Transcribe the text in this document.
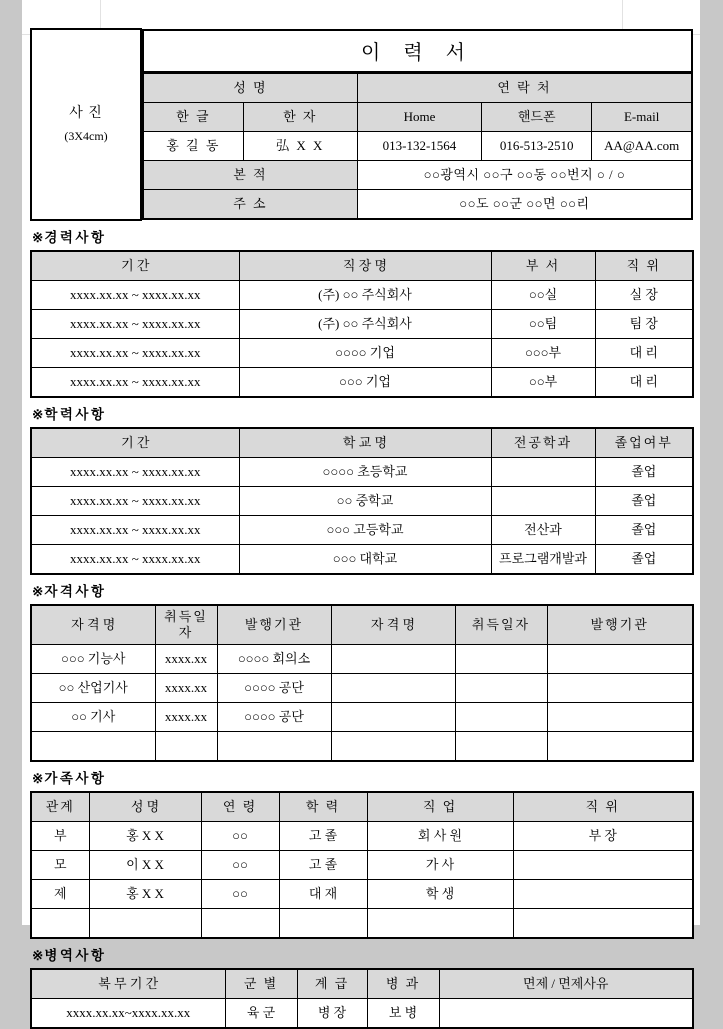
사 진
(3X4cm)

이 력 서
성 명	연 락 처
한 글	한 자	Home	핸드폰	E-mail
홍 길 동	弘 X X	013-132-1564	016-513-2510	AA@AA.com
본 적	○○광역시 ○○구 ○○동 ○○번지 ○ / ○
주 소	○○도 ○○군 ○○면 ○○리
※경력사항
기 간	직 장 명	부 서	직 위
xxxx.xx.xx ~ xxxx.xx.xx	(주) ○○ 주식회사	○○실	실 장
xxxx.xx.xx ~ xxxx.xx.xx	(주) ○○ 주식회사	○○팀	팀 장
xxxx.xx.xx ~ xxxx.xx.xx	○○○○ 기업	○○○부	대 리
xxxx.xx.xx ~ xxxx.xx.xx	○○○ 기업	○○부	대 리
※학력사항
기 간	학 교 명	전공학과	졸업여부
xxxx.xx.xx ~ xxxx.xx.xx	○○○○ 초등학교		졸업
xxxx.xx.xx ~ xxxx.xx.xx	○○ 중학교		졸업
xxxx.xx.xx ~ xxxx.xx.xx	○○○ 고등학교	전산과	졸업
xxxx.xx.xx ~ xxxx.xx.xx	○○○ 대학교	프로그램개발과	졸업
※자격사항
자 격 명	취득일자	발행기관	자 격 명	취득일자	발행기관
○○○ 기능사	xxxx.xx	○○○○ 회의소			
○○ 산업기사	xxxx.xx	○○○○ 공단			
○○ 기사	xxxx.xx	○○○○ 공단			

※가족사항
관계	성 명	연 령	학 력	직 업	직 위
부	홍 X X	○○	고 졸	회 사 원	부 장
모	이 X X	○○	고 졸	가 사	
제	홍 X X	○○	대 재	학 생	

※병역사항
복 무 기 간	군 별	계 급	병 과	면제 / 면제사유
xxxx.xx.xx~xxxx.xx.xx	육 군	병 장	보 병	
